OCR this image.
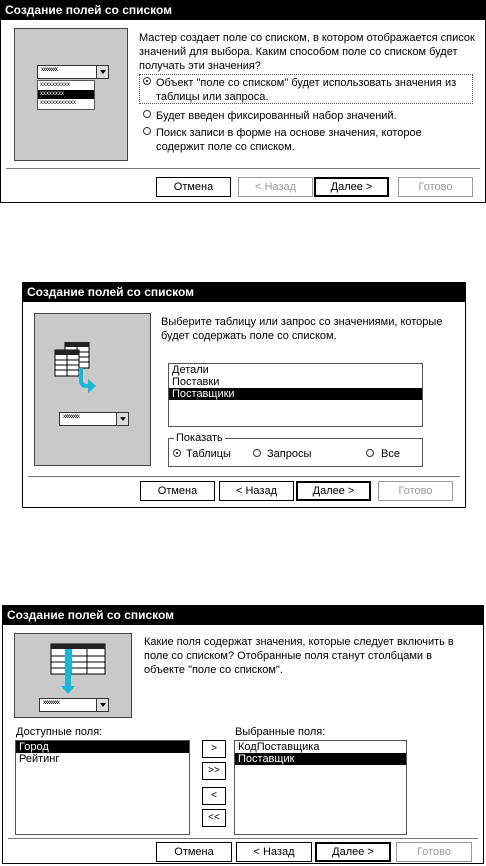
Создание полей со списком
xxxxxxxx
xxxxxxxxxx
xxxxxxxx
xxxxxxxxxxxx
Мастер создает поле со списком, в котором отображается список значений для выбора. Каким способом поле со списком будет получать эти значения?
Объект "поле со списком" будет использовать значения из таблицы или запроса.
Будет введен фиксированный набор значений.
Поиск записи в форме на основе значения, которое содержит поле со списком.
Отмена	< Назад	Далее >	Готово
Создание полей со списком
xxxxxxxx
Выберите таблицу или запрос со значениями, которые будет содержать поле со списком.
Детали
Поставки
Поставщики
Показать
Таблицы	Запросы	Все
Отмена	< Назад	Далее >	Готово
Создание полей со списком
xxxxxxxx
Какие поля содержат значения, которые следует включить в поле со списком? Отобранные поля станут столбцами в объекте "поле со списком".
Доступные поля:
Город
Рейтинг
>
>>
<
<<
Выбранные поля:
КодПоставщика
Поставщик
Отмена	< Назад	Далее >	Готово
